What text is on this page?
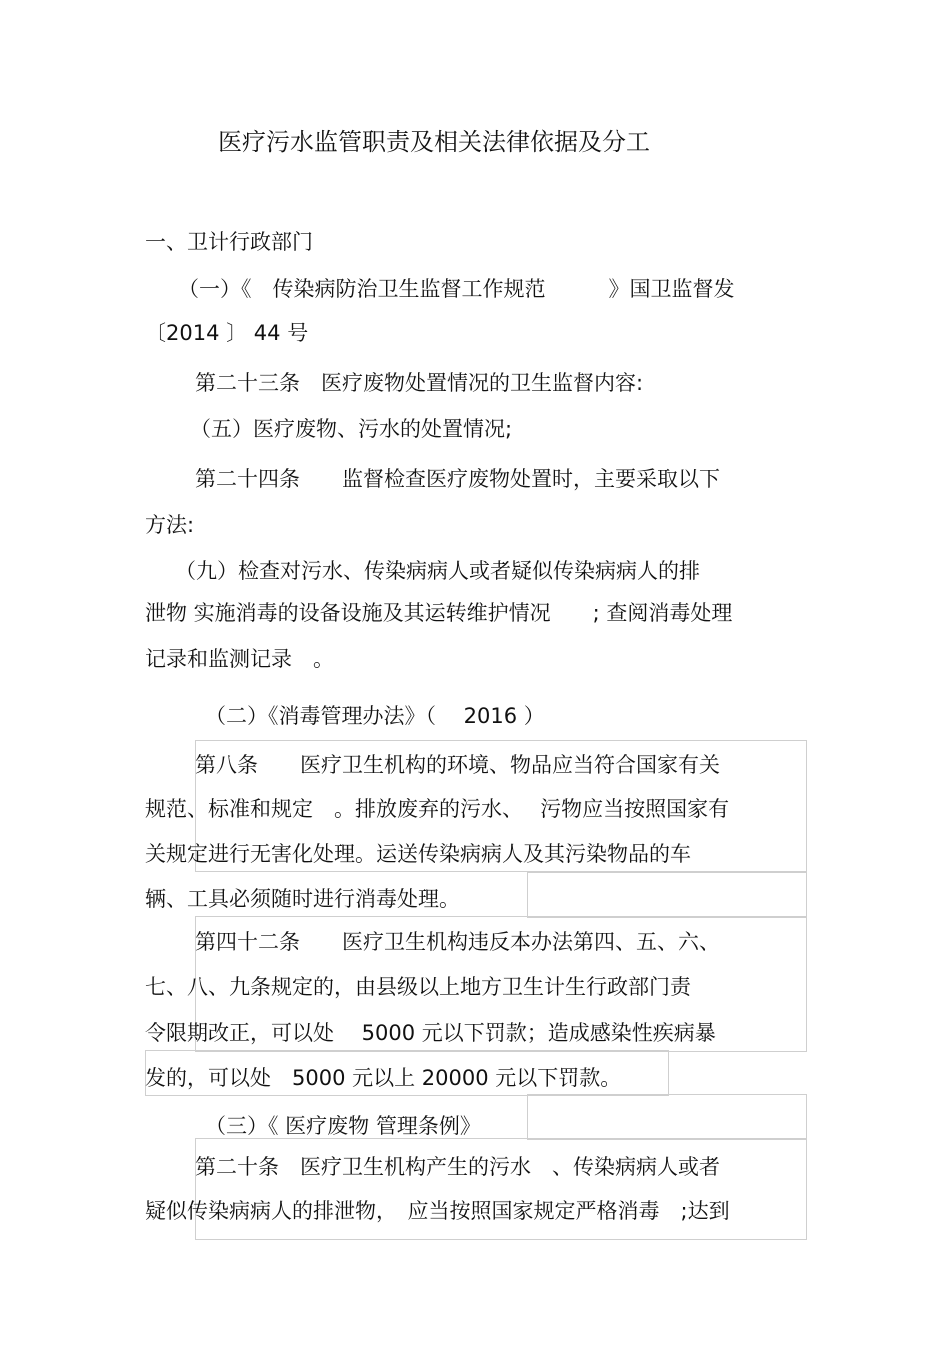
医疗污水监管职责及相关法律依据及分工
一、卫计行政部门
（一）《　传染病防治卫生监督工作规范　　　》国卫监督发
〔2014 〕 44 号
第二十三条　医疗废物处置情况的卫生监督内容:
（五）医疗废物、污水的处置情况;
第二十四条　　监督检查医疗废物处置时，主要采取以下
方法:
（九）检查对污水、传染病病人或者疑似传染病病人的排
泄物 实施消毒的设备设施及其运转维护情况　　; 查阅消毒处理
记录和监测记录　。
（二）《消毒管理办法》（　 2016 ）
第八条　　医疗卫生机构的环境、物品应当符合国家有关
规范、标准和规定　。排放废弃的污水、　 污物应当按照国家有
关规定进行无害化处理。运送传染病病人及其污染物品的车
辆、工具必须随时进行消毒处理。
第四十二条　　医疗卫生机构违反本办法第四、五、六、
七、八、九条规定的，由县级以上地方卫生计生行政部门责
令限期改正，可以处　 5000 元以下罚款；造成感染性疾病暴
发的，可以处　5000 元以上 20000 元以下罚款。
（三）《 医疗废物 管理条例》
第二十条　医疗卫生机构产生的污水　、传染病病人或者
疑似传染病病人的排泄物，　应当按照国家规定严格消毒　;达到
